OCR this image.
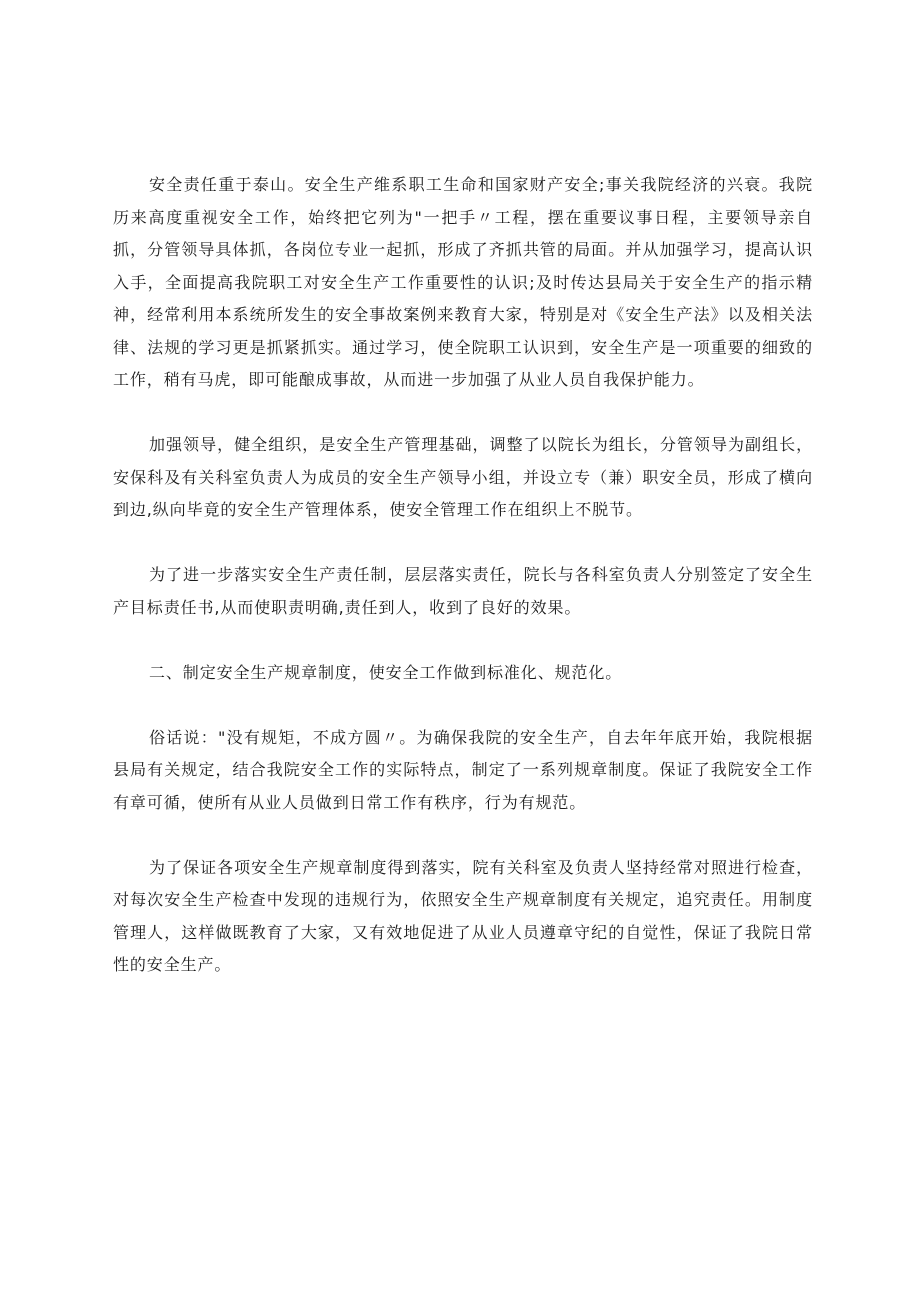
安全责任重于泰山。安全生产维系职工生命和国家财产安全;事关我院经济的兴衰。我院历来高度重视安全工作，始终把它列为"一把手〃工程，摆在重要议事日程，主要领导亲自抓，分管领导具体抓，各岗位专业一起抓，形成了齐抓共管的局面。并从加强学习，提高认识入手，全面提高我院职工对安全生产工作重要性的认识;及时传达县局关于安全生产的指示精神，经常利用本系统所发生的安全事故案例来教育大家，特别是对《安全生产法》以及相关法律、法规的学习更是抓紧抓实。通过学习，使全院职工认识到，安全生产是一项重要的细致的工作，稍有马虎，即可能酿成事故，从而进一步加强了从业人员自我保护能力。

加强领导，健全组织，是安全生产管理基础，调整了以院长为组长，分管领导为副组长，安保科及有关科室负责人为成员的安全生产领导小组，并设立专（兼）职安全员，形成了横向到边,纵向毕竟的安全生产管理体系，使安全管理工作在组织上不脱节。

为了进一步落实安全生产责任制，层层落实责任，院长与各科室负责人分别签定了安全生产目标责任书,从而使职责明确,责任到人，收到了良好的效果。

二、制定安全生产规章制度，使安全工作做到标准化、规范化。

俗话说："没有规矩，不成方圆〃。为确保我院的安全生产，自去年年底开始，我院根据县局有关规定，结合我院安全工作的实际特点，制定了一系列规章制度。保证了我院安全工作有章可循，使所有从业人员做到日常工作有秩序，行为有规范。

为了保证各项安全生产规章制度得到落实，院有关科室及负责人坚持经常对照进行检查，对每次安全生产检查中发现的违规行为，依照安全生产规章制度有关规定，追究责任。用制度管理人，这样做既教育了大家，又有效地促进了从业人员遵章守纪的自觉性，保证了我院日常性的安全生产。
